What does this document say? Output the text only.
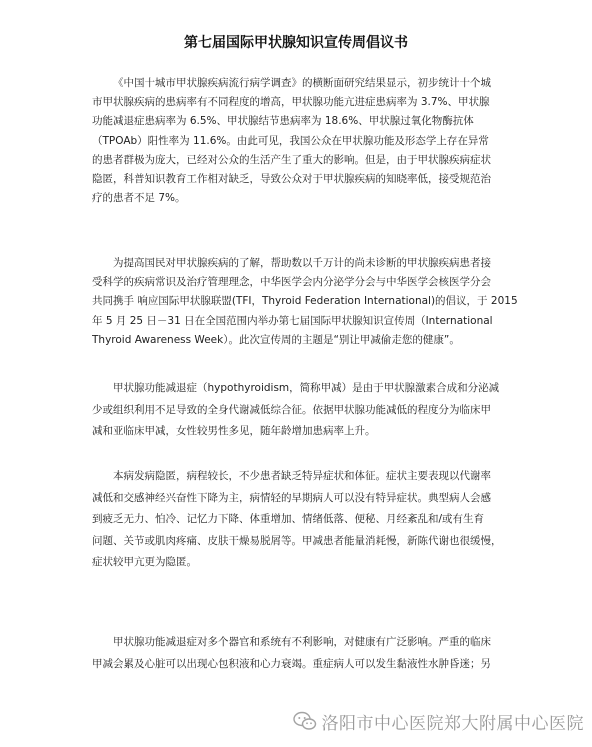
第七届国际甲状腺知识宣传周倡议书
《中国十城市甲状腺疾病流行病学调查》的横断面研究结果显示，初步统计十个城
市甲状腺疾病的患病率有不同程度的增高，甲状腺功能亢进症患病率为 3.7%、甲状腺
功能减退症患病率为 6.5%、甲状腺结节患病率为 18.6%、甲状腺过氧化物酶抗体
（TPOAb）阳性率为 11.6%。由此可见，我国公众在甲状腺功能及形态学上存在异常
的患者群极为庞大，已经对公众的生活产生了重大的影响。但是，由于甲状腺疾病症状
隐匿，科普知识教育工作相对缺乏，导致公众对于甲状腺疾病的知晓率低，接受规范治
疗的患者不足 7%。
为提高国民对甲状腺疾病的了解，帮助数以千万计的尚未诊断的甲状腺疾病患者接
受科学的疾病常识及治疗管理理念，中华医学会内分泌学分会与中华医学会核医学分会
共同携手 响应国际甲状腺联盟(TFI，Thyroid Federation International)的倡议，于 2015
年 5 月 25 日－31 日在全国范围内举办第七届国际甲状腺知识宣传周（International
Thyroid Awareness Week）。此次宣传周的主题是“别让甲减偷走您的健康”。
甲状腺功能减退症（hypothyroidism，简称甲减）是由于甲状腺激素合成和分泌减
少或组织利用不足导致的全身代谢减低综合征。依据甲状腺功能减低的程度分为临床甲
减和亚临床甲减，女性较男性多见，随年龄增加患病率上升。
本病发病隐匿，病程较长，不少患者缺乏特异症状和体征。症状主要表现以代谢率
减低和交感神经兴奋性下降为主，病情轻的早期病人可以没有特异症状。典型病人会感
到疲乏无力、怕冷、记忆力下降、体重增加、情绪低落、便秘、月经紊乱和/或有生育
问题、关节或肌肉疼痛、皮肤干燥易脱屑等。甲减患者能量消耗慢，新陈代谢也很缓慢，
症状较甲亢更为隐匿。
甲状腺功能减退症对多个器官和系统有不利影响，对健康有广泛影响。严重的临床
甲减会累及心脏可以出现心包积液和心力衰竭。重症病人可以发生黏液性水肿昏迷；另
洛阳市中心医院郑大附属中心医院
